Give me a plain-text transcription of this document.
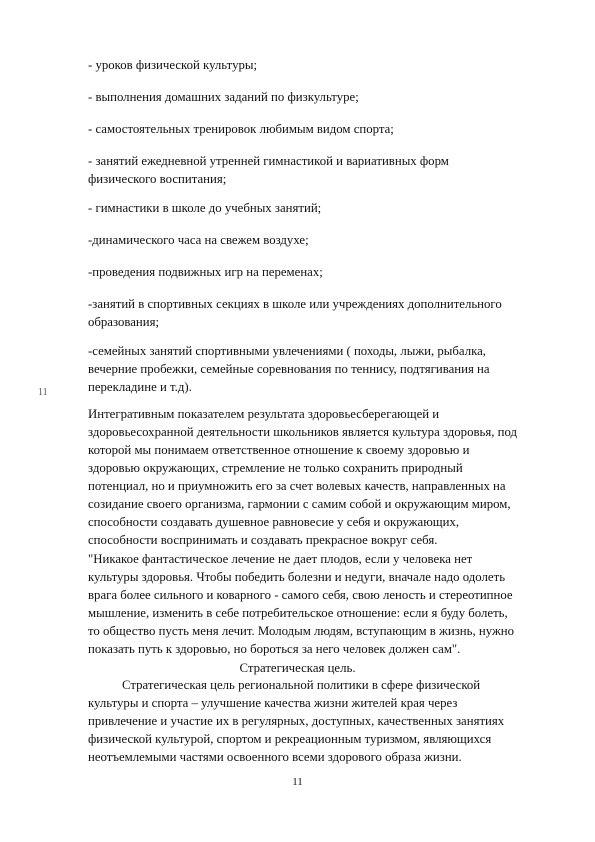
- уроков физической культуры;
- выполнения домашних заданий по физкультуре;
- самостоятельных тренировок любимым видом спорта;
- занятий ежедневной утренней гимнастикой и вариативных форм
физического воспитания;
- гимнастики в школе до учебных занятий;
-динамического часа на свежем воздухе;
-проведения подвижных игр на переменах;
-занятий в спортивных секциях в школе или учреждениях дополнительного
образования;
-семейных занятий спортивными увлечениями ( походы, лыжи, рыбалка,
вечерние пробежки, семейные соревнования по теннису, подтягивания на
перекладине и т.д).
11
Интегративным показателем результата здоровьесберегающей и
здоровьесохранной деятельности школьников является культура здоровья, под
которой мы понимаем ответственное отношение к своему здоровью и
здоровью окружающих, стремление не только сохранить природный
потенциал, но и приумножить его за счет волевых качеств, направленных на
созидание своего организма, гармонии с самим собой и окружающим миром,
способности создавать душевное равновесие у себя и окружающих,
способности воспринимать и создавать прекрасное вокруг себя.
"Никакое фантастическое лечение не дает плодов, если у человека нет
культуры здоровья. Чтобы победить болезни и недуги, вначале надо одолеть
врага более сильного и коварного - самого себя, свою леность и стереотипное
мышление, изменить в себе потребительское отношение: если я буду болеть,
то общество пусть меня лечит. Молодым людям, вступающим в жизнь, нужно
показать путь к здоровью, но бороться за него человек должен сам".
Стратегическая цель.
Стратегическая цель региональной политики в сфере физической
культуры и спорта – улучшение качества жизни жителей края через
привлечение и участие их в регулярных, доступных, качественных занятиях
физической культурой, спортом и рекреационным туризмом, являющихся
неотъемлемыми частями освоенного всеми здорового образа жизни.
11
